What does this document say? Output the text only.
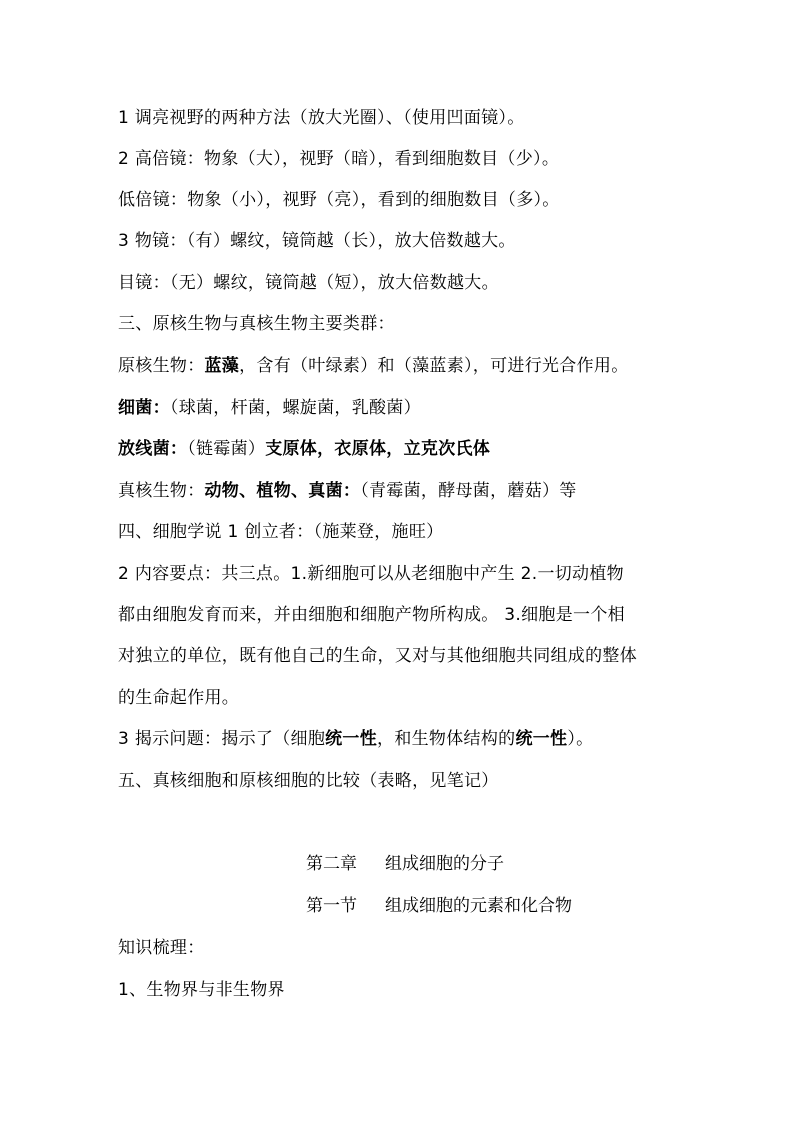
1 调亮视野的两种方法（放大光圈）、（使用凹面镜）。
2 高倍镜：物象（大），视野（暗），看到细胞数目（少）。
低倍镜：物象（小），视野（亮），看到的细胞数目（多）。
3 物镜：（有）螺纹，镜筒越（长），放大倍数越大。
目镜：（无）螺纹，镜筒越（短），放大倍数越大。
三、原核生物与真核生物主要类群：
原核生物：蓝藻，含有（叶绿素）和（藻蓝素），可进行光合作用。
细菌：（球菌，杆菌，螺旋菌，乳酸菌）
放线菌：（链霉菌）支原体，衣原体，立克次氏体
真核生物：动物、植物、真菌：（青霉菌，酵母菌，蘑菇）等
四、细胞学说 1 创立者：（施莱登，施旺）
2 内容要点：共三点。1.新细胞可以从老细胞中产生 2.一切动植物
都由细胞发育而来，并由细胞和细胞产物所构成。 3.细胞是一个相
对独立的单位，既有他自己的生命，又对与其他细胞共同组成的整体
的生命起作用。
3 揭示问题：揭示了（细胞统一性，和生物体结构的统一性）。
五、真核细胞和原核细胞的比较（表略，见笔记）
第二章 组成细胞的分子
第一节 组成细胞的元素和化合物
知识梳理：
1、生物界与非生物界
